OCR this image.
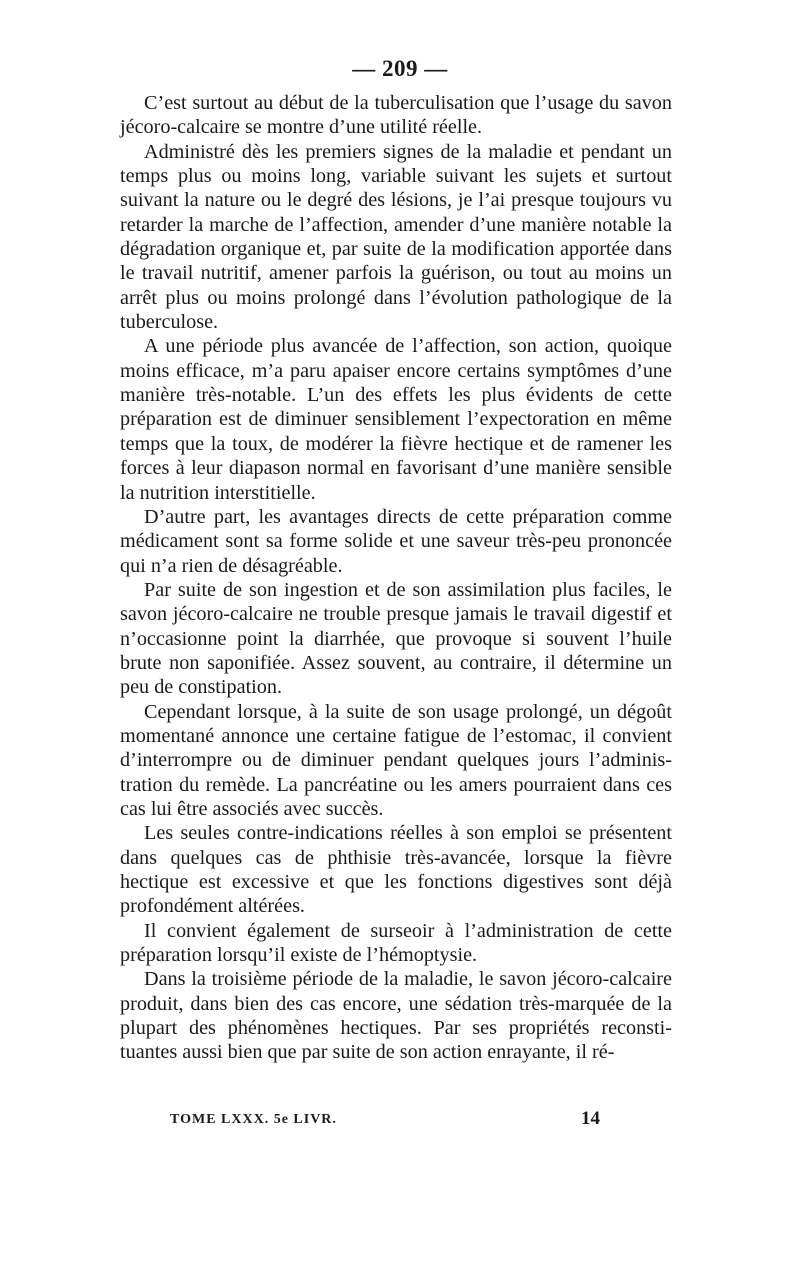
— 209 —

C’est surtout au début de la tuberculisation que l’usage du savon jécoro-calcaire se montre d’une utilité réelle.

Administré dès les premiers signes de la maladie et pendant un temps plus ou moins long, variable suivant les sujets et surtout suivant la nature ou le degré des lésions, je l’ai presque toujours vu retarder la marche de l’affection, amender d’une manière notable la dégradation organique et, par suite de la modification apportée dans le travail nutritif, amener parfois la guérison, ou tout au moins un arrêt plus ou moins prolongé dans l’évolution pathologique de la tuberculose.

A une période plus avancée de l’affection, son action, quoique moins efficace, m’a paru apaiser encore certains symptômes d’une manière très-notable. L’un des effets les plus évidents de cette préparation est de diminuer sensiblement l’expectoration en même temps que la toux, de modérer la fièvre hectique et de ramener les forces à leur diapason normal en favorisant d’une manière sensible la nutrition interstitielle.

D’autre part, les avantages directs de cette préparation comme médicament sont sa forme solide et une saveur très-peu prononcée qui n’a rien de désagréable.

Par suite de son ingestion et de son assimilation plus faciles, le savon jécoro-calcaire ne trouble presque jamais le travail digestif et n’occasionne point la diarrhée, que provoque si souvent l’huile brute non saponifiée. Assez souvent, au contraire, il détermine un peu de constipation.

Cependant lorsque, à la suite de son usage prolongé, un dégoût momentané annonce une certaine fatigue de l’estomac, il convient d’interrompre ou de diminuer pendant quelques jours l’administration du remède. La pancréatine ou les amers pourraient dans ces cas lui être associés avec succès.

Les seules contre-indications réelles à son emploi se présentent dans quelques cas de phthisie très-avancée, lorsque la fièvre hectique est excessive et que les fonctions digestives sont déjà profondément altérées.

Il convient également de surseoir à l’administration de cette préparation lorsqu’il existe de l’hémoptysie.

Dans la troisième période de la maladie, le savon jécoro-calcaire produit, dans bien des cas encore, une sédation très-marquée de la plupart des phénomènes hectiques. Par ses propriétés reconstituantes aussi bien que par suite de son action enrayante, il ré-

TOME LXXX. 5e LIVR.	14
